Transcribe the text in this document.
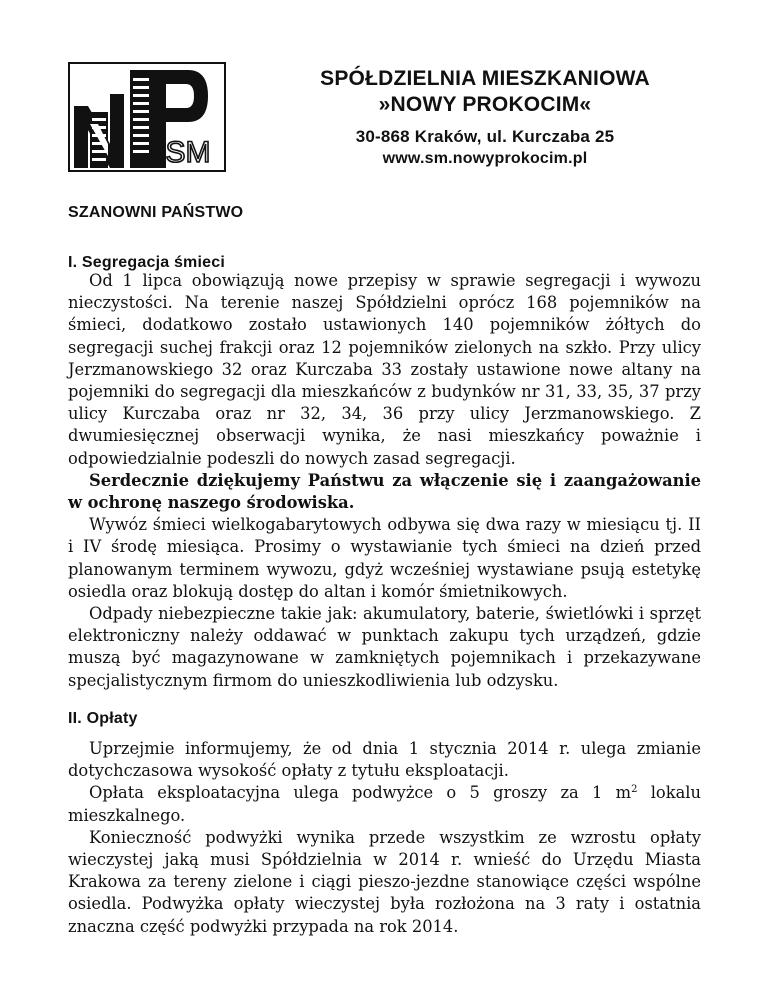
SM
SPÓŁDZIELNIA MIESZKANIOWA
»NOWY PROKOCIM«
30-868 Kraków, ul. Kurczaba 25
www.sm.nowyprokocim.pl
SZANOWNI PAŃSTWO
I. Segregacja śmieci

Od 1 lipca obowiązują nowe przepisy w sprawie segregacji i wywozu nieczystości. Na terenie naszej Spółdzielni oprócz 168 pojemników na śmieci, dodatkowo zostało ustawionych 140 pojemników żółtych do segregacji suchej frakcji oraz 12 pojemników zielonych na szkło. Przy ulicy Jerzmanowskiego 32 oraz Kurczaba 33 zostały ustawione nowe altany na pojemniki do segregacji dla mieszkańców z budynków nr 31, 33, 35, 37 przy ulicy Kurczaba oraz nr 32, 34, 36 przy ulicy Jerzmanowskiego. Z dwumiesięcznej obserwacji wynika, że nasi mieszkańcy poważnie i odpowiedzialnie podeszli do nowych zasad segregacji.

Serdecznie dziękujemy Państwu za włączenie się i zaangażowanie w ochronę naszego środowiska.

Wywóz śmieci wielkogabarytowych odbywa się dwa razy w miesiącu tj. II i IV środę miesiąca. Prosimy o wystawianie tych śmieci na dzień przed planowanym terminem wywozu, gdyż wcześniej wystawiane psują estetykę osiedla oraz blokują dostęp do altan i komór śmietnikowych.

Odpady niebezpieczne takie jak: akumulatory, baterie, świetlówki i sprzęt elektroniczny należy oddawać w punktach zakupu tych urządzeń, gdzie muszą być magazynowane w zamkniętych pojemnikach i przekazywane specjalistycznym firmom do unieszkodliwienia lub odzysku.

II. Opłaty

Uprzejmie informujemy, że od dnia 1 stycznia 2014 r. ulega zmianie dotychczasowa wysokość opłaty z tytułu eksploatacji.

Opłata eksploatacyjna ulega podwyżce o 5 groszy za 1 $m^2$ lokalu mieszkalnego.

Konieczność podwyżki wynika przede wszystkim ze wzrostu opłaty wieczystej jaką musi Spółdzielnia w 2014 r. wnieść do Urzędu Miasta Krakowa za tereny zielone i ciągi pieszo-jezdne stanowiące części wspólne osiedla. Podwyżka opłaty wieczystej była rozłożona na 3 raty i ostatnia znaczna część podwyżki przypada na rok 2014.
